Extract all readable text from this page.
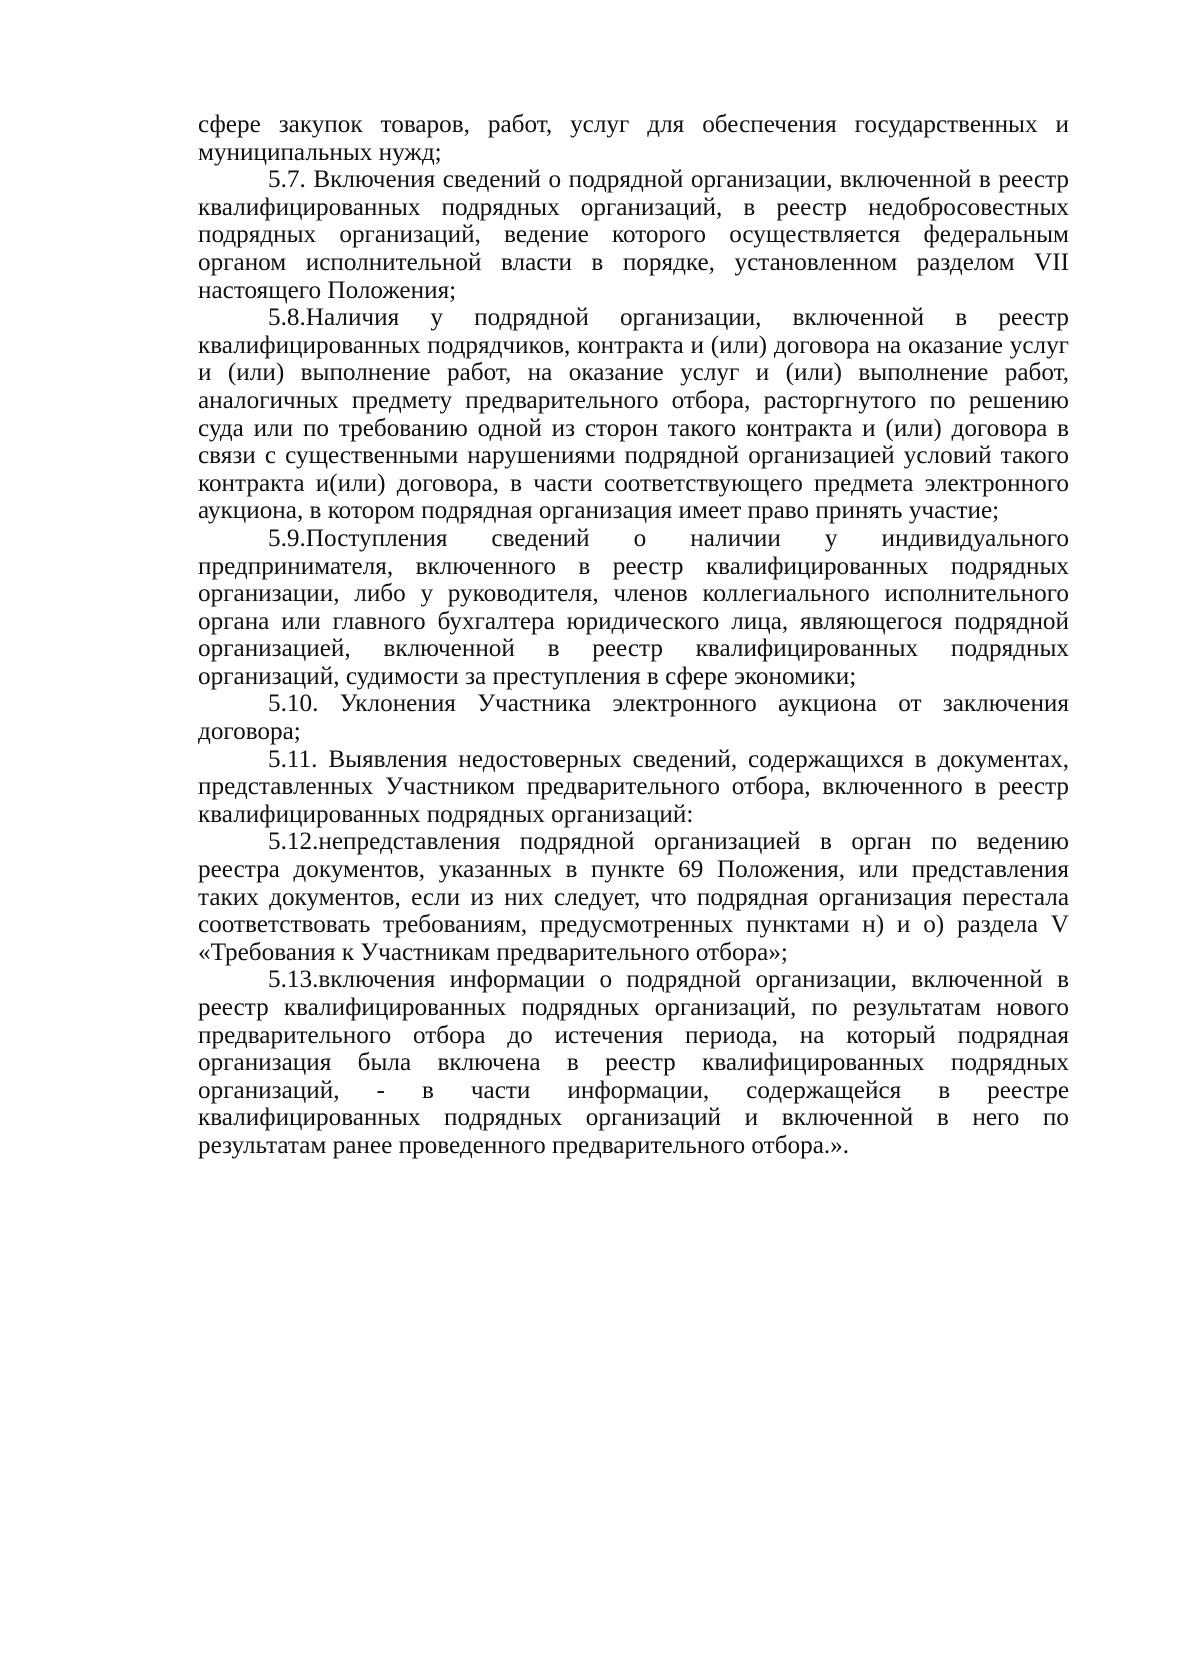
сфере закупок товаров, работ, услуг для обеспечения государственных и муниципальных нужд;

5.7. Включения сведений о подрядной организации, включенной в реестр квалифицированных подрядных организаций, в реестр недобросовестных подрядных организаций, ведение которого осуществляется федеральным органом исполнительной власти в порядке, установленном разделом VII настоящего Положения;

5.8.Наличия у подрядной организации, включенной в реестр квалифицированных подрядчиков, контракта и (или) договора на оказание услуг и (или) выполнение работ, на оказание услуг и (или) выполнение работ, аналогичных предмету предварительного отбора, расторгнутого по решению суда или по требованию одной из сторон такого контракта и (или) договора в связи с существенными нарушениями подрядной организацией условий такого контракта и(или) договора, в части соответствующего предмета электронного аукциона, в котором подрядная организация имеет право принять участие;

5.9.Поступления сведений о наличии у индивидуального предпринимателя, включенного в реестр квалифицированных подрядных организации, либо у руководителя, членов коллегиального исполнительного органа или главного бухгалтера юридического лица, являющегося подрядной организацией, включенной в реестр квалифицированных подрядных организаций, судимости за преступления в сфере экономики;

5.10. Уклонения Участника электронного аукциона от заключения договора;

5.11. Выявления недостоверных сведений, содержащихся в документах, представленных Участником предварительного отбора, включенного в реестр квалифицированных подрядных организаций:

5.12.непредставления подрядной организацией в орган по ведению реестра документов, указанных в пункте 69 Положения, или представления таких документов, если из них следует, что подрядная организация перестала соответствовать требованиям, предусмотренных пунктами н) и о) раздела V «Требования к Участникам предварительного отбора»;

5.13.включения информации о подрядной организации, включенной в реестр квалифицированных подрядных организаций, по результатам нового предварительного отбора до истечения периода, на который подрядная организация была включена в реестр квалифицированных подрядных организаций, - в части информации, содержащейся в реестре квалифицированных подрядных организаций и включенной в него по результатам ранее проведенного предварительного отбора.».
